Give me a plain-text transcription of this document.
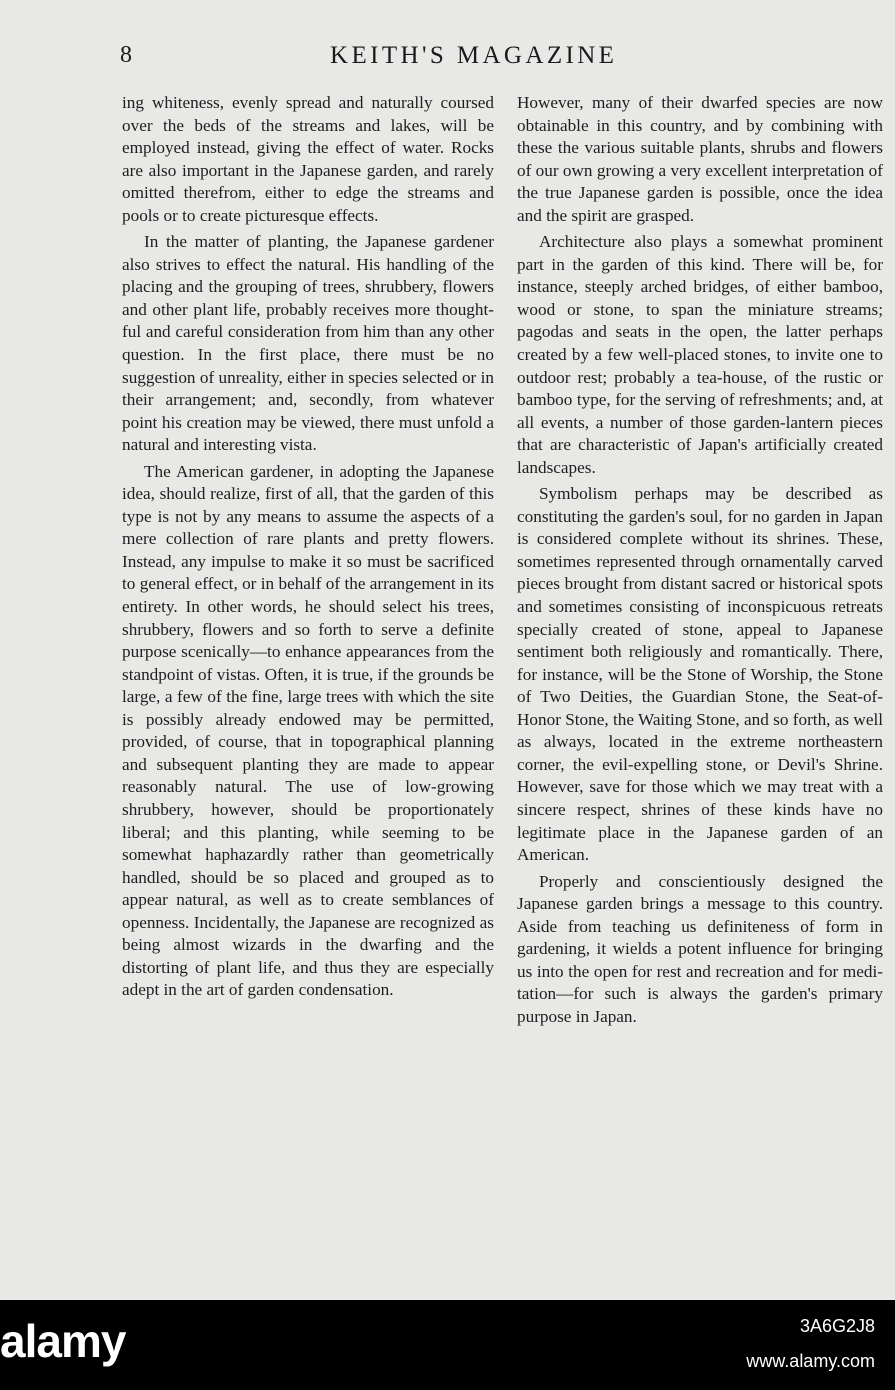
8	KEITH'S MAGAZINE

ing whiteness, evenly spread and naturally coursed over the beds of the streams and lakes, will be employed instead, giving the effect of water. Rocks are also important in the Japanese garden, and rarely omitted therefrom, either to edge the streams and pools or to create picturesque effects.

In the matter of planting, the Japanese gardener also strives to effect the natural. His handling of the placing and the grouping of trees, shrubbery, flowers and other plant life, probably receives more thoughtful and careful consideration from him than any other question. In the first place, there must be no suggestion of unreality, either in species selected or in their arrangement; and, secondly, from whatever point his creation may be viewed, there must unfold a natural and interesting vista.

The American gardener, in adopting the Japanese idea, should realize, first of all, that the garden of this type is not by any means to assume the aspects of a mere collection of rare plants and pretty flowers. Instead, any impulse to make it so must be sacrificed to general effect, or in behalf of the arrangement in its entirety. In other words, he should select his trees, shrubbery, flowers and so forth to serve a definite purpose scenically—to enhance appearances from the standpoint of vistas. Often, it is true, if the grounds be large, a few of the fine, large trees with which the site is possibly already endowed may be permitted, provided, of course, that in topographical planning and subsequent planting they are made to appear reasonably natural. The use of low-growing shrubbery, however, should be proportionately liberal; and this planting, while seeming to be somewhat haphazardly rather than geometrically handled, should be so placed and grouped as to appear natural, as well as to create semblances of openness. Incidentally, the Japanese are recognized as being almost wizards in the dwarfing and the distorting of plant life, and thus they are especially adept in the art of garden condensation.

However, many of their dwarfed species are now obtainable in this country, and by combining with these the various suitable plants, shrubs and flowers of our own growing a very excellent interpretation of the true Japanese garden is possible, once the idea and the spirit are grasped.

Architecture also plays a somewhat prominent part in the garden of this kind. There will be, for instance, steeply arched bridges, of either bamboo, wood or stone, to span the miniature streams; pagodas and seats in the open, the latter perhaps created by a few well-placed stones, to invite one to outdoor rest; probably a tea-house, of the rustic or bamboo type, for the serving of refreshments; and, at all events, a number of those garden-lantern pieces that are characteristic of Japan's artificially created landscapes.

Symbolism perhaps may be described as constituting the garden's soul, for no garden in Japan is considered complete without its shrines. These, sometimes represented through ornamentally carved pieces brought from distant sacred or historical spots and sometimes consisting of inconspicuous retreats specially created of stone, appeal to Japanese sentiment both religiously and romantically. There, for instance, will be the Stone of Worship, the Stone of Two Deities, the Guardian Stone, the Seat-of-Honor Stone, the Waiting Stone, and so forth, as well as always, located in the extreme northeastern corner, the evil-expelling stone, or Devil's Shrine. However, save for those which we may treat with a sincere respect, shrines of these kinds have no legitimate place in the Japanese garden of an American.

Properly and conscientiously designed the Japanese garden brings a message to this country. Aside from teaching us definiteness of form in gardening, it wields a potent influence for bringing us into the open for rest and recreation and for meditation—for such is always the garden's primary purpose in Japan.

alamy	3A6G2J8
www.alamy.com
